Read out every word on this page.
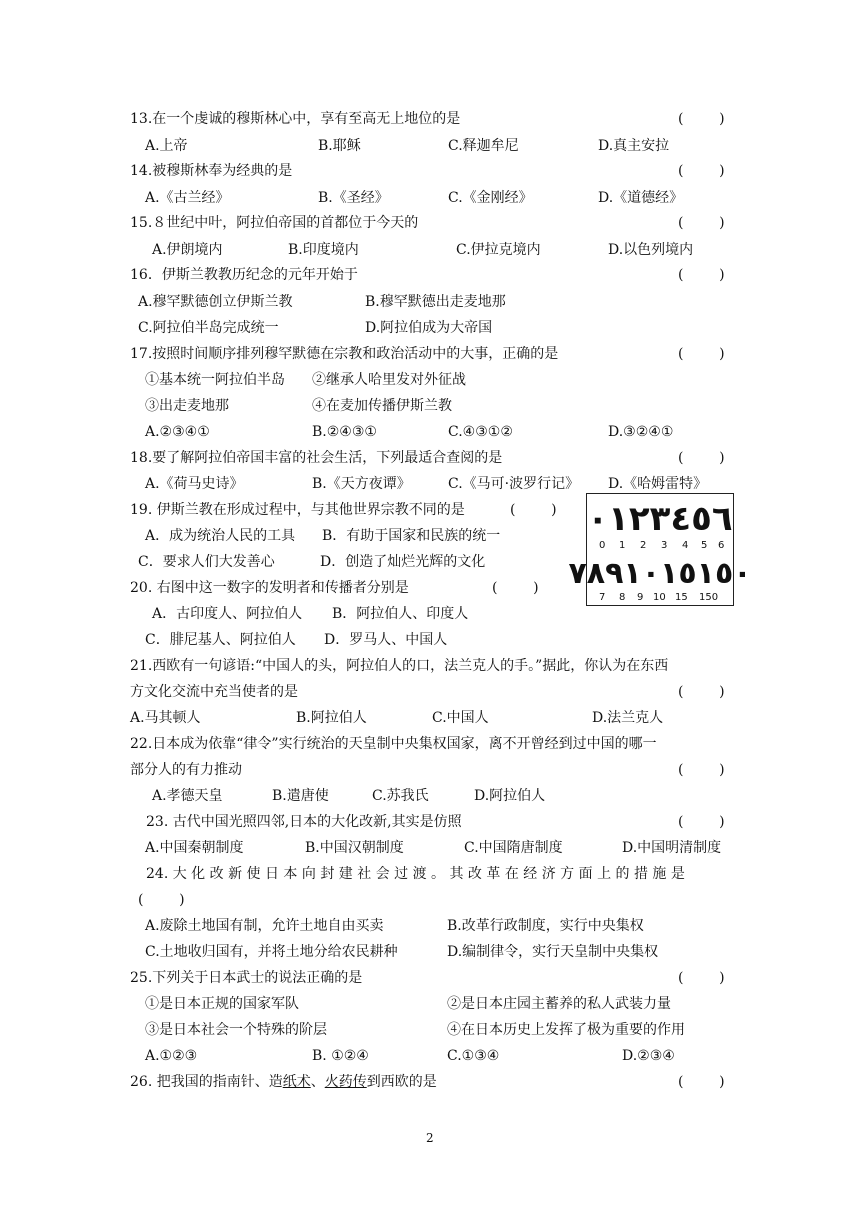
13.在一个虔诚的穆斯林心中，享有至高无上地位的是	(        )
A.上帝	B.耶稣	C.释迦牟尼	D.真主安拉
14.被穆斯林奉为经典的是	(        )
A.《古兰经》	B.《圣经》	C.《金刚经》	D.《道德经》
15.８世纪中叶，阿拉伯帝国的首都位于今天的	(        )
A.伊朗境内	B.印度境内	C.伊拉克境内	D.以色列境内
16．伊斯兰教教历纪念的元年开始于	(        )
A.穆罕默德创立伊斯兰教	B.穆罕默德出走麦地那
C.阿拉伯半岛完成统一	D.阿拉伯成为大帝国
17.按照时间顺序排列穆罕默德在宗教和政治活动中的大事，正确的是	(        )
①基本统一阿拉伯半岛 ②继承人哈里发对外征战
③出走麦地那	④在麦加传播伊斯兰教
A.②③④①	B.②④③①	C.④③①②	D.③②④①
18.要了解阿拉伯帝国丰富的社会生活，下列最适合查阅的是	(        )
A.《荷马史诗》	B.《天方夜谭》	C.《马可·波罗行记》 D.《哈姆雷特》
19. 伊斯兰教在形成过程中，与其他世界宗教不同的是	(        )
A．成为统治人民的工具 B．有助于国家和民族的统一
C．要求人们大发善心	D．创造了灿烂光辉的文化
٠١٢٣٤٥٦
0 1 2 3 4 5 6
٧٨٩١٠١٥١٥٠
7 8 9 10 15 150
20. 右图中这一数字的发明者和传播者分别是	(        )
A．古印度人、阿拉伯人 B．阿拉伯人、印度人
C．腓尼基人、阿拉伯人 D．罗马人、中国人
21.西欧有一句谚语:“中国人的头，阿拉伯人的口，法兰克人的手。”据此，你认为在东西
方文化交流中充当使者的是	(        )
A.马其顿人	B.阿拉伯人	C.中国人	D.法兰克人
22.日本成为依靠“律令”实行统治的天皇制中央集权国家，离不开曾经到过中国的哪一
部分人的有力推动	(        )
A.孝德天皇	B.遣唐使	C.苏我氏	D.阿拉伯人
23. 古代中国光照四邻,日本的大化改新,其实是仿照	(        )
A.中国秦朝制度	B.中国汉朝制度	C.中国隋唐制度	D.中国明清制度
24. 大 化 改 新 使 日 本 向 封 建 社 会 过 渡 。 其 改 革 在 经 济 方 面 上 的 措 施 是
(        )
A.废除土地国有制，允许土地自由买卖	B.改革行政制度，实行中央集权
C.土地收归国有，并将土地分给农民耕种	D.编制律令，实行天皇制中央集权
25.下列关于日本武士的说法正确的是	(        )
①是日本正规的国家军队	②是日本庄园主蓄养的私人武装力量
③是日本社会一个特殊的阶层	④在日本历史上发挥了极为重要的作用
A.①②③	B. ①②④	C.①③④	D.②③④
26. 把我国的指南针、造纸术、火药传到西欧的是	(        )
2
